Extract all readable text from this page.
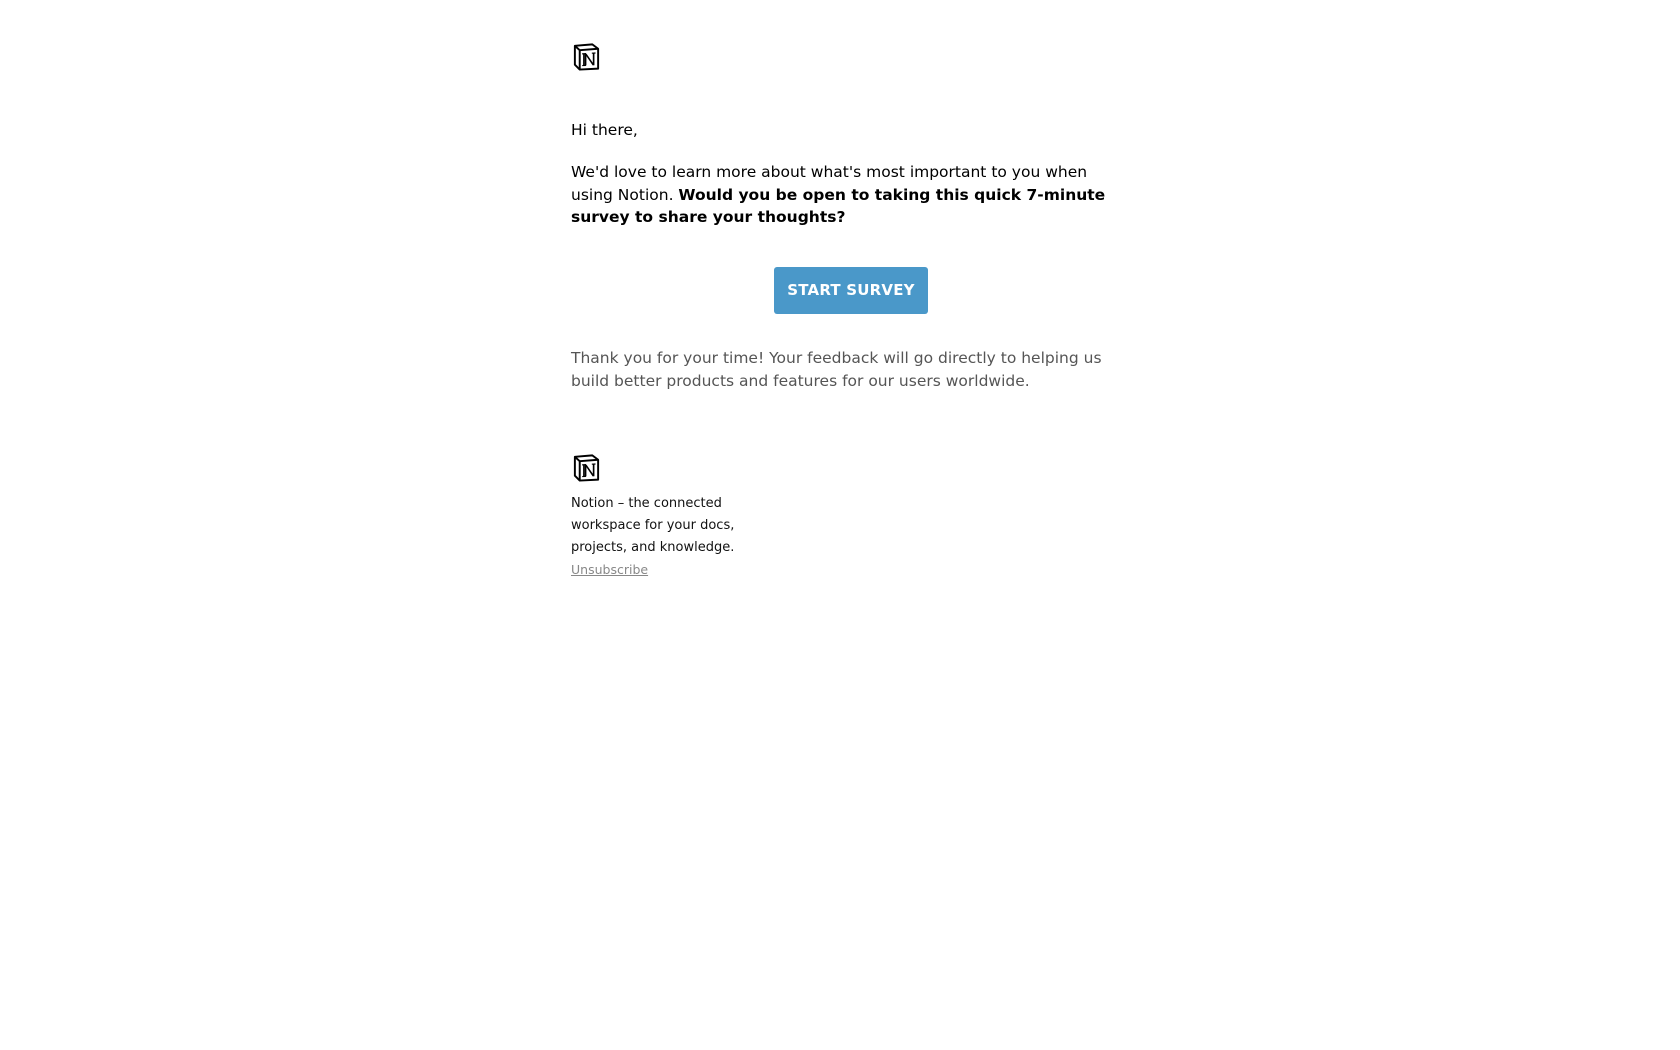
Hi there,

We'd love to learn more about what's most important to you when using Notion. Would you be open to taking this quick 7-minute survey to share your thoughts?

START SURVEY

Thank you for your time! Your feedback will go directly to helping us build better products and features for our users worldwide.

Notion – the connected workspace for your docs, projects, and knowledge.

Unsubscribe
